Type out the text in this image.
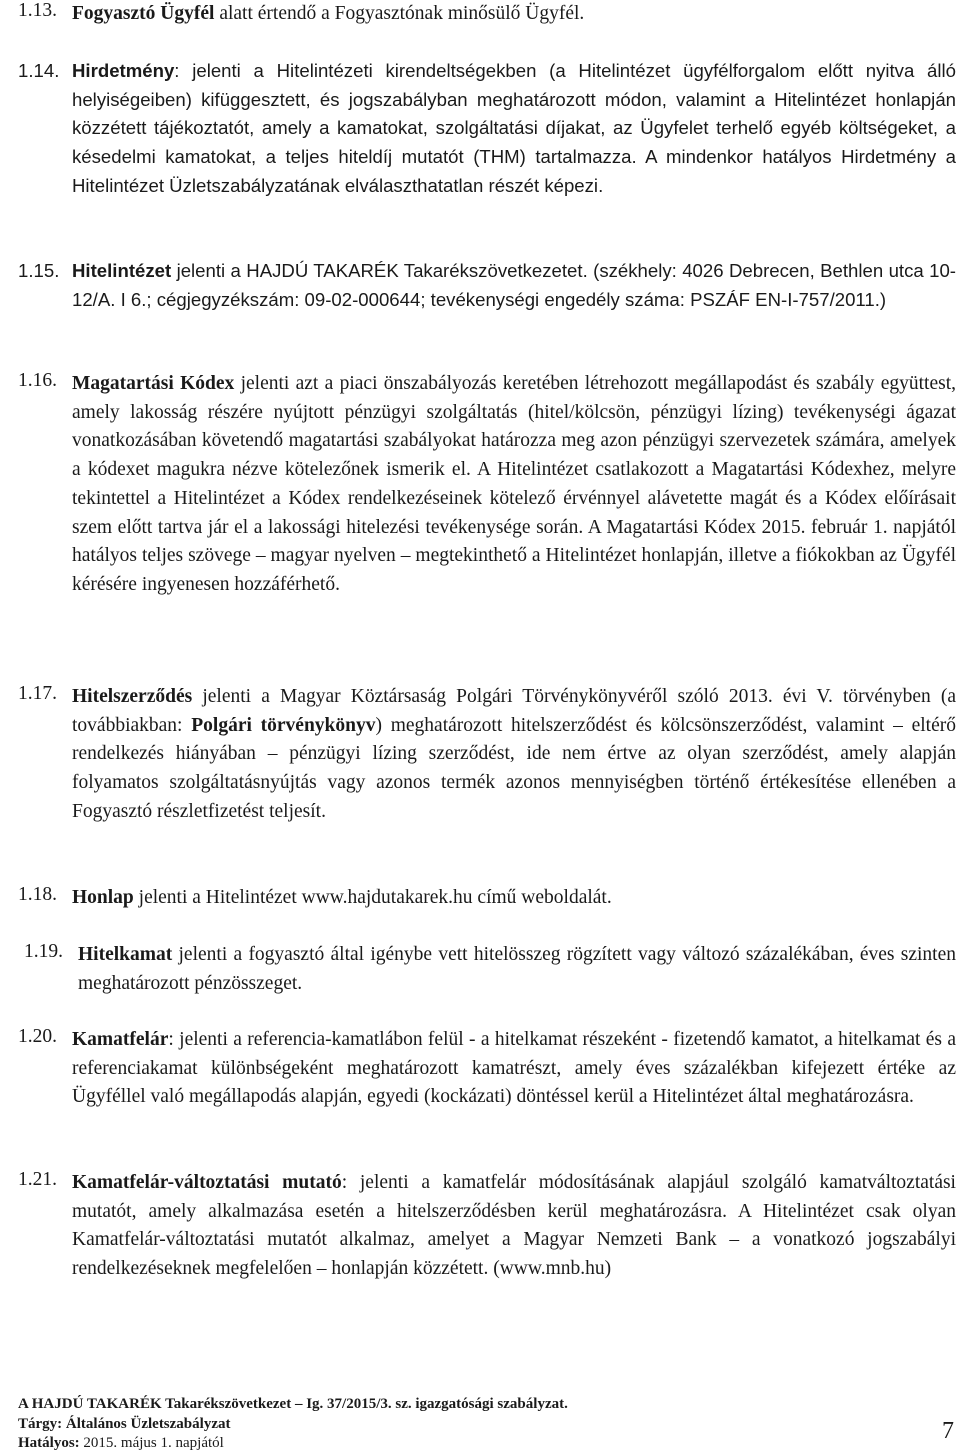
1.13. Fogyasztó Ügyfél alatt értendő a Fogyasztónak minősülő Ügyfél.
1.14. Hirdetmény: jelenti a Hitelintézeti kirendeltségekben (a Hitelintézet ügyfélforgalom előtt nyitva álló helyiségeiben) kifüggesztett, és jogszabályban meghatározott módon, valamint a Hitelintézet honlapján közzétett tájékoztatót, amely a kamatokat, szolgáltatási díjakat, az Ügyfelet terhelő egyéb költségeket, a késedelmi kamatokat, a teljes hiteldíj mutatót (THM) tartalmazza. A mindenkor hatályos Hirdetmény a Hitelintézet Üzletszabályzatának elválaszthatatlan részét képezi.
1.15. Hitelintézet jelenti a HAJDÚ TAKARÉK Takarékszövetkezetet. (székhely: 4026 Debrecen, Bethlen utca 10-12/A. I 6.; cégjegyzékszám: 09-02-000644; tevékenységi engedély száma: PSZÁF EN-I-757/2011.)
1.16. Magatartási Kódex jelenti azt a piaci önszabályozás keretében létrehozott megállapodást és szabály együttest, amely lakosság részére nyújtott pénzügyi szolgáltatás (hitel/kölcsön, pénzügyi lízing) tevékenységi ágazat vonatkozásában követendő magatartási szabályokat határozza meg azon pénzügyi szervezetek számára, amelyek a kódexet magukra nézve kötelezőnek ismerik el. A Hitelintézet csatlakozott a Magatartási Kódexhez, melyre tekintettel a Hitelintézet a Kódex rendelkezéseinek kötelező érvénnyel alávetette magát és a Kódex előírásait szem előtt tartva jár el a lakossági hitelezési tevékenysége során. A Magatartási Kódex 2015. február 1. napjától hatályos teljes szövege – magyar nyelven – megtekinthető a Hitelintézet honlapján, illetve a fiókokban az Ügyfél kérésére ingyenesen hozzáférhető.
1.17. Hitelszerződés jelenti a Magyar Köztársaság Polgári Törvénykönyvéről szóló 2013. évi V. törvényben (a továbbiakban: Polgári törvénykönyv) meghatározott hitelszerződést és kölcsönszerződést, valamint – eltérő rendelkezés hiányában – pénzügyi lízing szerződést, ide nem értve az olyan szerződést, amely alapján folyamatos szolgáltatásnyújtás vagy azonos termék azonos mennyiségben történő értékesítése ellenében a Fogyasztó részletfizetést teljesít.
1.18. Honlap jelenti a Hitelintézet www.hajdutakarek.hu című weboldalát.
1.19. Hitelkamat jelenti a fogyasztó által igénybe vett hitelösszeg rögzített vagy változó százalékában, éves szinten meghatározott pénzösszeget.
1.20. Kamatfelár: jelenti a referencia-kamatlábon felül - a hitelkamat részeként - fizetendő kamatot, a hitelkamat és a referenciakamat különbségeként meghatározott kamatrészt, amely éves százalékban kifejezett értéke az Ügyféllel való megállapodás alapján, egyedi (kockázati) döntéssel kerül a Hitelintézet által meghatározásra.
1.21. Kamatfelár-változtatási mutató: jelenti a kamatfelár módosításának alapjául szolgáló kamatváltoztatási mutatót, amely alkalmazása esetén a hitelszerződésben kerül meghatározásra. A Hitelintézet csak olyan Kamatfelár-változtatási mutatót alkalmaz, amelyet a Magyar Nemzeti Bank – a vonatkozó jogszabályi rendelkezéseknek megfelelően – honlapján közzétett. (www.mnb.hu)
A HAJDÚ TAKARÉK Takarékszövetkezet – Ig. 37/2015/3. sz. igazgatósági szabályzat.
Tárgy: Általános Üzletszabályzat
Hatályos: 2015. május 1. napjától	7
